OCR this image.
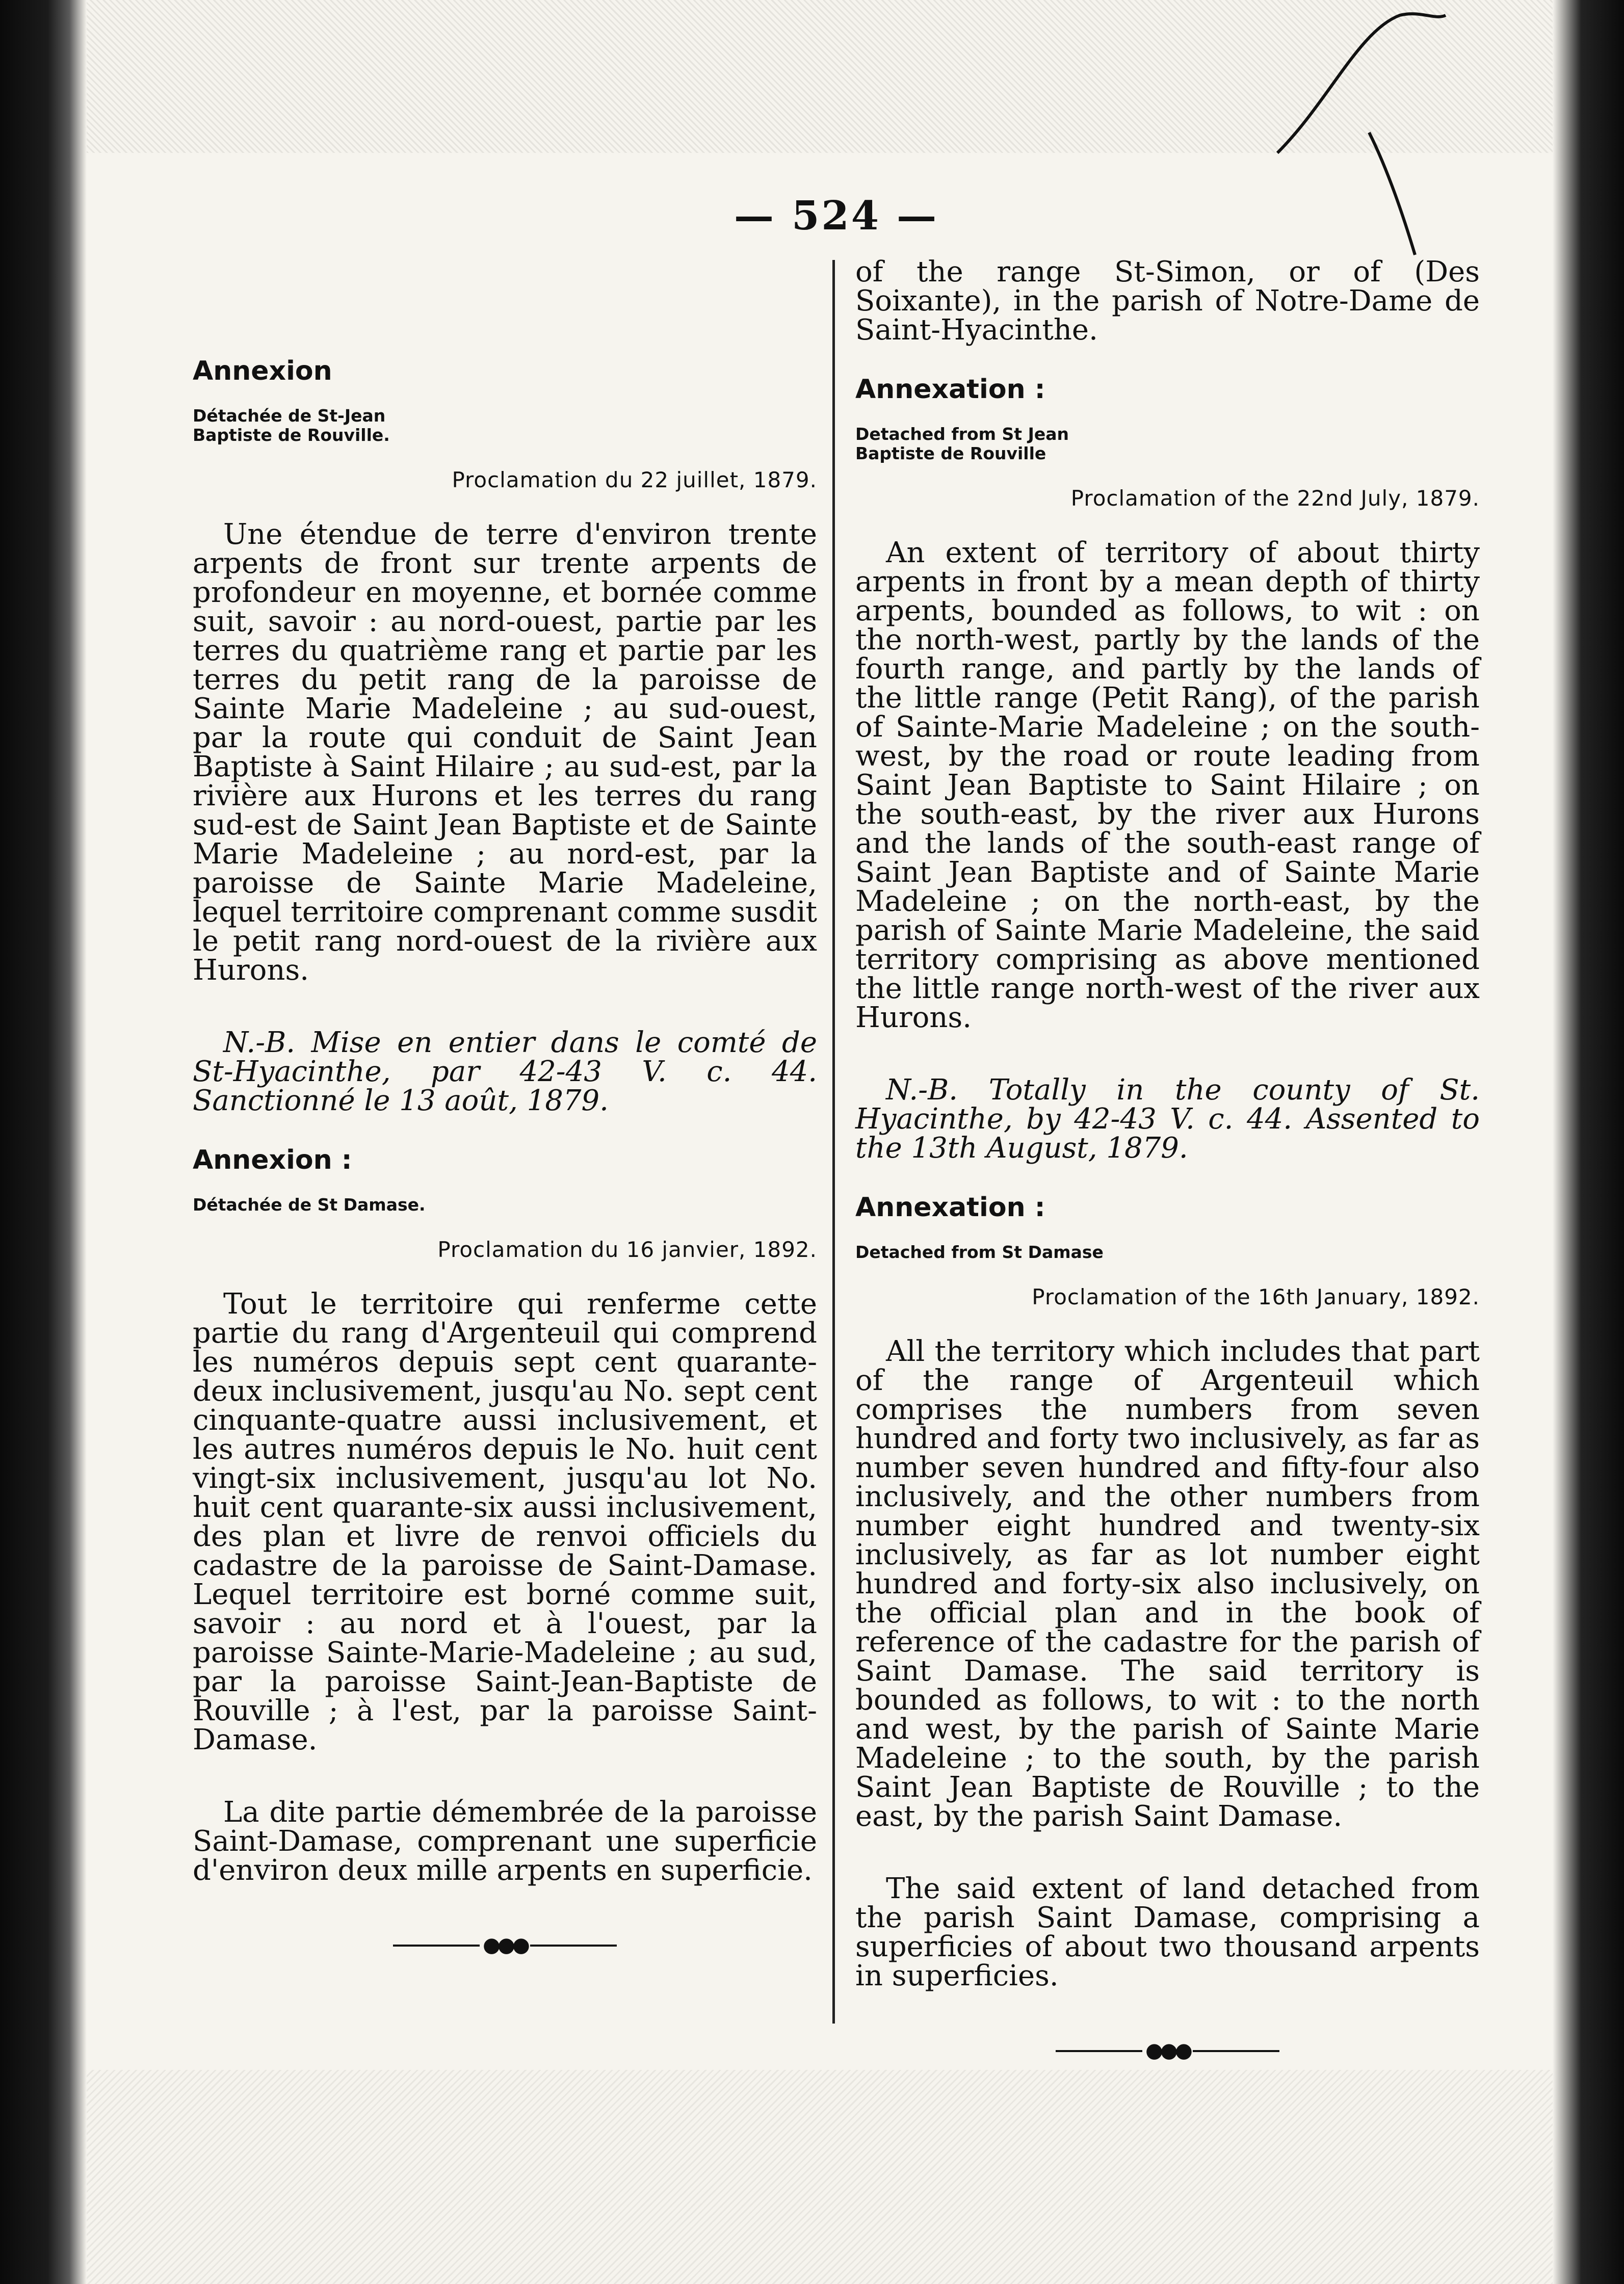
— 524 —
Annexion
Détachée de St-Jean
Baptiste de Rouville.
Proclamation du 22 juillet, 1879.

Une étendue de terre d'environ trente arpents de front sur trente arpents de profondeur en moyenne, et bornée comme suit, savoir : au nord-ouest, partie par les terres du quatrième rang et partie par les terres du petit rang de la paroisse de Sainte Marie Madeleine ; au sud-ouest, par la route qui conduit de Saint Jean Baptiste à Saint Hilaire ; au sud-est, par la rivière aux Hurons et les terres du rang sud-est de Saint Jean Baptiste et de Sainte Marie Madeleine ; au nord-est, par la paroisse de Sainte Marie Madeleine, lequel territoire comprenant comme susdit le petit rang nord-ouest de la rivière aux Hurons.

N.-B. Mise en entier dans le comté de St-Hyacinthe, par 42-43 V. c. 44. Sanctionné le 13 août, 1879.

Annexion :
Détachée de St Damase.
Proclamation du 16 janvier, 1892.

Tout le territoire qui renferme cette partie du rang d'Argenteuil qui comprend les numéros depuis sept cent quarante-deux inclusivement, jusqu'au No. sept cent cinquante-quatre aussi inclusivement, et les autres numéros depuis le No. huit cent vingt-six inclusivement, jusqu'au lot No. huit cent quarante-six aussi inclusivement, des plan et livre de renvoi officiels du cadastre de la paroisse de Saint-Damase. Lequel territoire est borné comme suit, savoir : au nord et à l'ouest, par la paroisse Sainte-Marie-Madeleine ; au sud, par la paroisse Saint-Jean-Baptiste de Rouville ; à l'est, par la paroisse Saint-Damase.

La dite partie démembrée de la paroisse Saint-Damase, comprenant une superficie d'environ deux mille arpents en superficie.

●●●

of the range St-Simon, or of (Des Soixante), in the parish of Notre-Dame de Saint-Hyacinthe.

Annexation :
Detached from St Jean
Baptiste de Rouville
Proclamation of the 22nd July, 1879.

An extent of territory of about thirty arpents in front by a mean depth of thirty arpents, bounded as follows, to wit : on the north-west, partly by the lands of the fourth range, and partly by the lands of the little range (Petit Rang), of the parish of Sainte-Marie Madeleine ; on the south-west, by the road or route leading from Saint Jean Baptiste to Saint Hilaire ; on the south-east, by the river aux Hurons and the lands of the south-east range of Saint Jean Baptiste and of Sainte Marie Madeleine ; on the north-east, by the parish of Sainte Marie Madeleine, the said territory comprising as above mentioned the little range north-west of the river aux Hurons.

N.-B. Totally in the county of St. Hyacinthe, by 42-43 V. c. 44. Assented to the 13th August, 1879.

Annexation :
Detached from St Damase
Proclamation of the 16th January, 1892.

All the territory which includes that part of the range of Argenteuil which comprises the numbers from seven hundred and forty two inclusively, as far as number seven hundred and fifty-four also inclusively, and the other numbers from number eight hundred and twenty-six inclusively, as far as lot number eight hundred and forty-six also inclusively, on the official plan and in the book of reference of the cadastre for the parish of Saint Damase. The said territory is bounded as follows, to wit : to the north and west, by the parish of Sainte Marie Madeleine ; to the south, by the parish Saint Jean Baptiste de Rouville ; to the east, by the parish Saint Damase.

The said extent of land detached from the parish Saint Damase, comprising a superficies of about two thousand arpents in superficies.

●●●
